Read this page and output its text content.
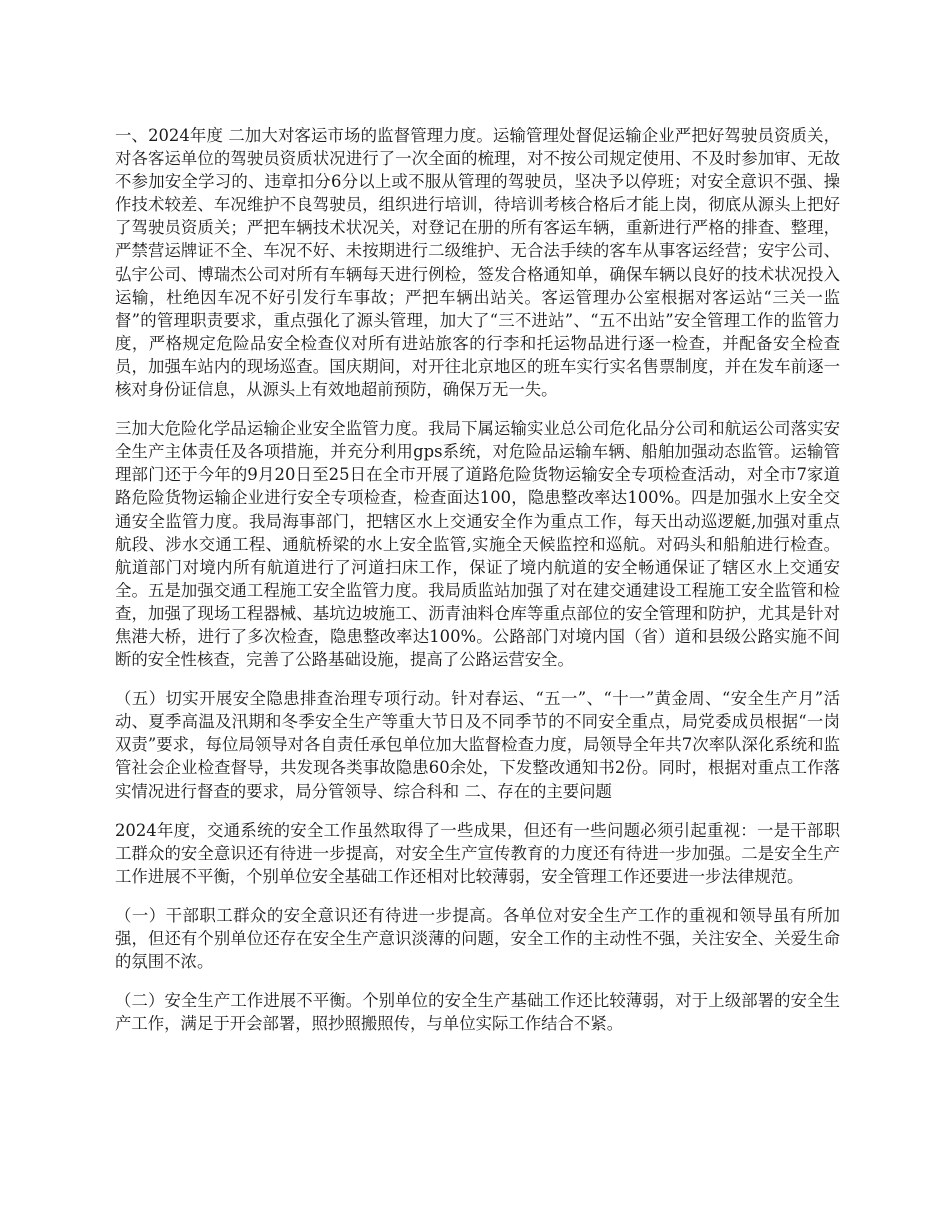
一、2024年度 二加大对客运市场的监督管理力度。运输管理处督促运输企业严把好驾驶员资质关，对各客运单位的驾驶员资质状况进行了一次全面的梳理，对不按公司规定使用、不及时参加审、无故不参加安全学习的、违章扣分6分以上或不服从管理的驾驶员，坚决予以停班；对安全意识不强、操作技术较差、车况维护不良驾驶员，组织进行培训，待培训考核合格后才能上岗，彻底从源头上把好了驾驶员资质关；严把车辆技术状况关，对登记在册的所有客运车辆，重新进行严格的排查、整理，严禁营运牌证不全、车况不好、未按期进行二级维护、无合法手续的客车从事客运经营；安宇公司、弘宇公司、博瑞杰公司对所有车辆每天进行例检，签发合格通知单，确保车辆以良好的技术状况投入运输，杜绝因车况不好引发行车事故；严把车辆出站关。客运管理办公室根据对客运站“三关一监督”的管理职责要求，重点强化了源头管理，加大了“三不进站”、“五不出站”安全管理工作的监管力度，严格规定危险品安全检查仪对所有进站旅客的行李和托运物品进行逐一检查，并配备安全检查员，加强车站内的现场巡查。国庆期间，对开往北京地区的班车实行实名售票制度，并在发车前逐一核对身份证信息，从源头上有效地超前预防，确保万无一失。

三加大危险化学品运输企业安全监管力度。我局下属运输实业总公司危化品分公司和航运公司落实安全生产主体责任及各项措施，并充分利用gps系统，对危险品运输车辆、船舶加强动态监管。运输管理部门还于今年的9月20日至25日在全市开展了道路危险货物运输安全专项检查活动，对全市7家道路危险货物运输企业进行安全专项检查，检查面达100，隐患整改率达100%。四是加强水上安全交通安全监管力度。我局海事部门，把辖区水上交通安全作为重点工作，每天出动巡逻艇,加强对重点航段、涉水交通工程、通航桥梁的水上安全监管,实施全天候监控和巡航。对码头和船舶进行检查。航道部门对境内所有航道进行了河道扫床工作，保证了境内航道的安全畅通保证了辖区水上交通安全。五是加强交通工程施工安全监管力度。我局质监站加强了对在建交通建设工程施工安全监管和检查，加强了现场工程器械、基坑边坡施工、沥青油料仓库等重点部位的安全管理和防护，尤其是针对焦港大桥，进行了多次检查，隐患整改率达100%。公路部门对境内国（省）道和县级公路实施不间断的安全性核查，完善了公路基础设施，提高了公路运营安全。

（五）切实开展安全隐患排查治理专项行动。针对春运、“五一”、“十一”黄金周、“安全生产月”活动、夏季高温及汛期和冬季安全生产等重大节日及不同季节的不同安全重点，局党委成员根据“一岗双责”要求，每位局领导对各自责任承包单位加大监督检查力度，局领导全年共7次率队深化系统和监管社会企业检查督导，共发现各类事故隐患60余处，下发整改通知书2份。同时，根据对重点工作落实情况进行督查的要求，局分管领导、综合科和 二、存在的主要问题

2024年度，交通系统的安全工作虽然取得了一些成果，但还有一些问题必须引起重视：一是干部职工群众的安全意识还有待进一步提高，对安全生产宣传教育的力度还有待进一步加强。二是安全生产工作进展不平衡，个别单位安全基础工作还相对比较薄弱，安全管理工作还要进一步法律规范。

（一）干部职工群众的安全意识还有待进一步提高。各单位对安全生产工作的重视和领导虽有所加强，但还有个别单位还存在安全生产意识淡薄的问题，安全工作的主动性不强，关注安全、关爱生命的氛围不浓。

（二）安全生产工作进展不平衡。个别单位的安全生产基础工作还比较薄弱，对于上级部署的安全生产工作，满足于开会部署，照抄照搬照传，与单位实际工作结合不紧。
